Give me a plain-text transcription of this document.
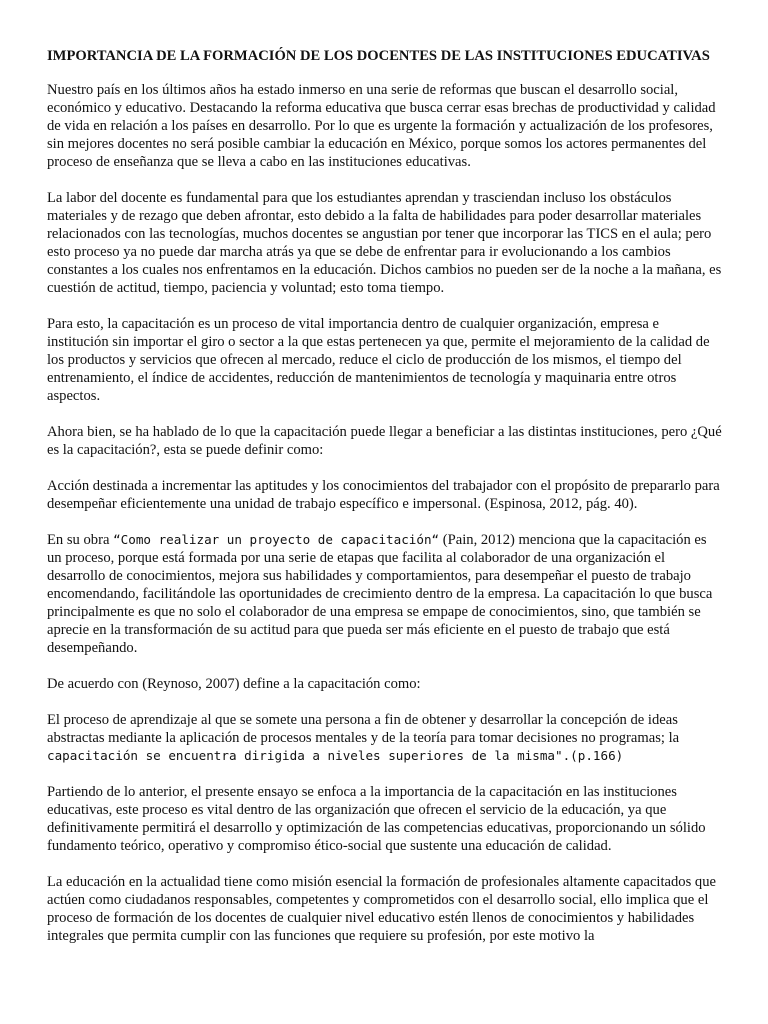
IMPORTANCIA DE LA FORMACIÓN DE LOS DOCENTES DE LAS INSTITUCIONES EDUCATIVAS

Nuestro país en los últimos años ha estado inmerso en una serie de reformas que buscan el desarrollo social, económico y educativo. Destacando la reforma educativa que busca cerrar esas brechas de productividad y calidad de vida en relación a los países en desarrollo. Por lo que es urgente la formación y actualización de los profesores, sin mejores docentes no será posible cambiar la educación en México, porque somos los actores permanentes del proceso de enseñanza que se lleva a cabo en las instituciones educativas.

La labor del docente es fundamental para que los estudiantes aprendan y trasciendan incluso los obstáculos materiales y de rezago que deben afrontar, esto debido a la falta de habilidades para poder desarrollar materiales relacionados con las tecnologías, muchos docentes se angustian por tener que incorporar las TICS en el aula; pero esto proceso ya no puede dar marcha atrás ya que se debe de enfrentar para ir evolucionando a los cambios constantes a los cuales nos enfrentamos en la educación. Dichos cambios no pueden ser de la noche a la mañana, es cuestión de actitud, tiempo, paciencia y voluntad; esto toma tiempo.

Para esto, la capacitación es un proceso de vital importancia dentro de cualquier organización, empresa e institución sin importar el giro o sector a la que estas pertenecen ya que, permite el mejoramiento de la calidad de los productos y servicios que ofrecen al mercado, reduce el ciclo de producción de los mismos, el tiempo del entrenamiento, el índice de accidentes, reducción de mantenimientos de tecnología y maquinaria entre otros aspectos.

Ahora bien, se ha hablado de lo que la capacitación puede llegar a beneficiar a las distintas instituciones, pero ¿Qué es la capacitación?, esta se puede definir como:

Acción destinada a incrementar las aptitudes y los conocimientos del trabajador con el propósito de prepararlo para desempeñar eficientemente una unidad de trabajo específico e impersonal. (Espinosa, 2012, pág. 40).

En su obra “Como realizar un proyecto de capacitación“ (Pain, 2012) menciona que la capacitación es un proceso, porque está formada por una serie de etapas que facilita al colaborador de una organización el desarrollo de conocimientos, mejora sus habilidades y comportamientos, para desempeñar el puesto de trabajo encomendando, facilitándole las oportunidades de crecimiento dentro de la empresa. La capacitación lo que busca principalmente es que no solo el colaborador de una empresa se empape de conocimientos, sino, que también se aprecie en la transformación de su actitud para que pueda ser más eficiente en el puesto de trabajo que está desempeñando.

De acuerdo con (Reynoso, 2007) define a la capacitación como:

El proceso de aprendizaje al que se somete una persona a fin de obtener y desarrollar la concepción de ideas abstractas mediante la aplicación de procesos mentales y de la teoría para tomar decisiones no programas; la capacitación se encuentra dirigida a niveles superiores de la misma".(p.166)

Partiendo de lo anterior, el presente ensayo se enfoca a la importancia de la capacitación en las instituciones educativas, este proceso es vital dentro de las organización que ofrecen el servicio de la educación, ya que definitivamente permitirá el desarrollo y optimización de las competencias educativas, proporcionando un sólido fundamento teórico, operativo y compromiso ético-social que sustente una educación de calidad.

La educación en la actualidad tiene como misión esencial la formación de profesionales altamente capacitados que actúen como ciudadanos responsables, competentes y comprometidos con el desarrollo social, ello implica que el proceso de formación de los docentes de cualquier nivel educativo estén llenos de conocimientos y habilidades integrales que permita cumplir con las funciones que requiere su profesión, por este motivo la
